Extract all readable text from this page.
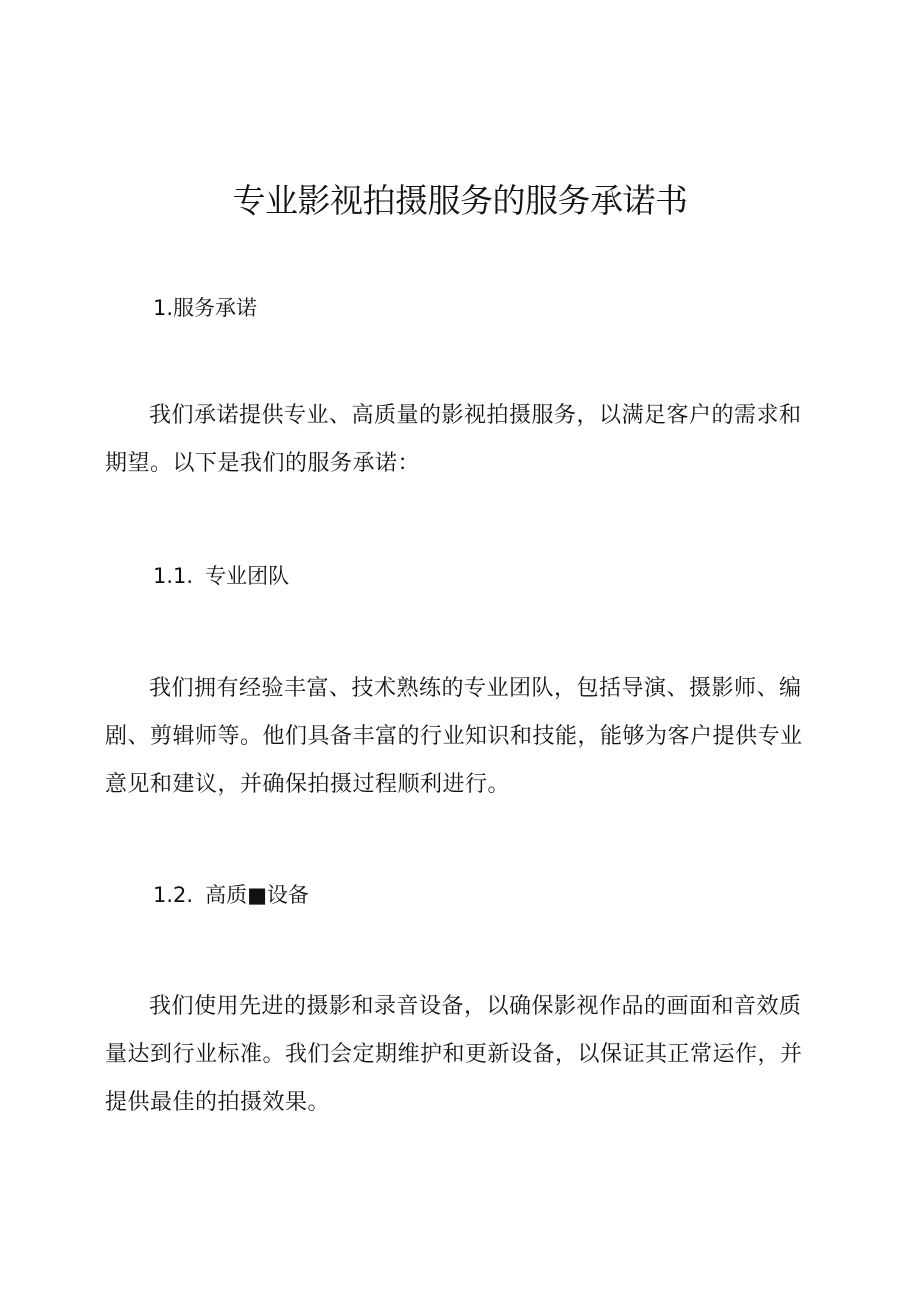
专业影视拍摄服务的服务承诺书
1.服务承诺

我们承诺提供专业、高质量的影视拍摄服务，以满足客户的需求和期望。以下是我们的服务承诺：

1.1. 专业团队

我们拥有经验丰富、技术熟练的专业团队，包括导演、摄影师、编剧、剪辑师等。他们具备丰富的行业知识和技能，能够为客户提供专业意见和建议，并确保拍摄过程顺利进行。

1.2. 高质■设备

我们使用先进的摄影和录音设备，以确保影视作品的画面和音效质量达到行业标准。我们会定期维护和更新设备，以保证其正常运作，并提供最佳的拍摄效果。
